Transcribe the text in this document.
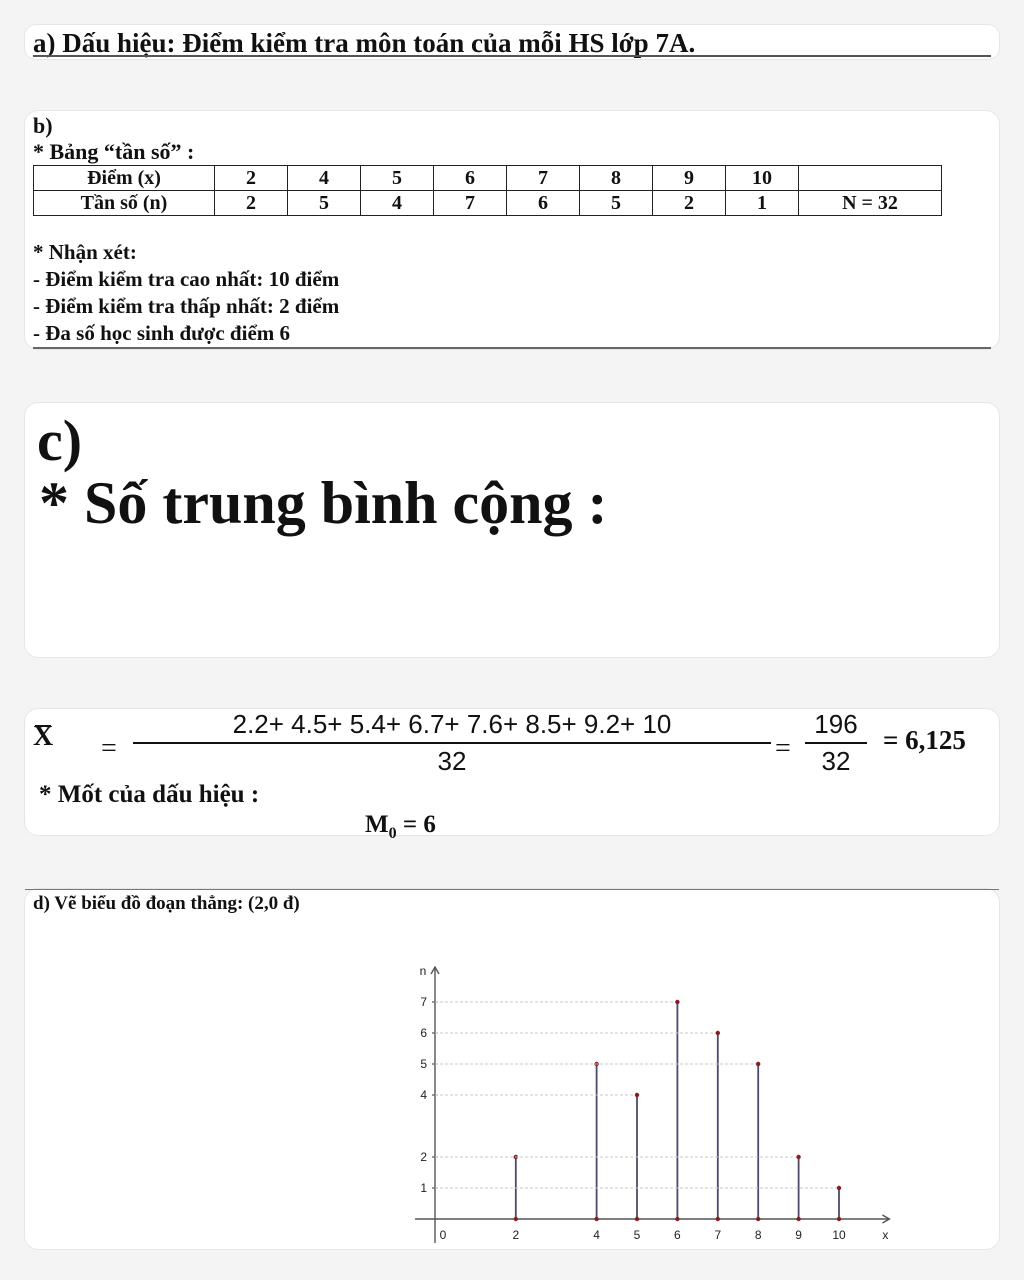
a) Dấu hiệu: Điểm kiểm tra môn toán của mỗi HS lớp 7A.
b)
* Bảng “tần số” :
Điểm (x)	2	4	5	6	7	8	9	10	
Tần số (n)	2	5	4	7	6	5	2	1	N = 32
* Nhận xét:
- Điểm kiểm tra cao nhất: 10 điểm
- Điểm kiểm tra thấp nhất: 2 điểm
- Đa số học sinh được điểm 6
c)
* Số trung bình cộng :
X =
2.2+ 4.5+ 5.4+ 6.7+ 7.6+ 8.5+ 9.2+ 10
32	=
196
32
= 6,125
* Mốt của dấu hiệu :
$M_0 = 6$
d) Vẽ biểu đồ đoạn thẳng: (2,0 đ)
x
n
1
2
4
5
6
7
0	2	4	5	6	7	8	9	10
